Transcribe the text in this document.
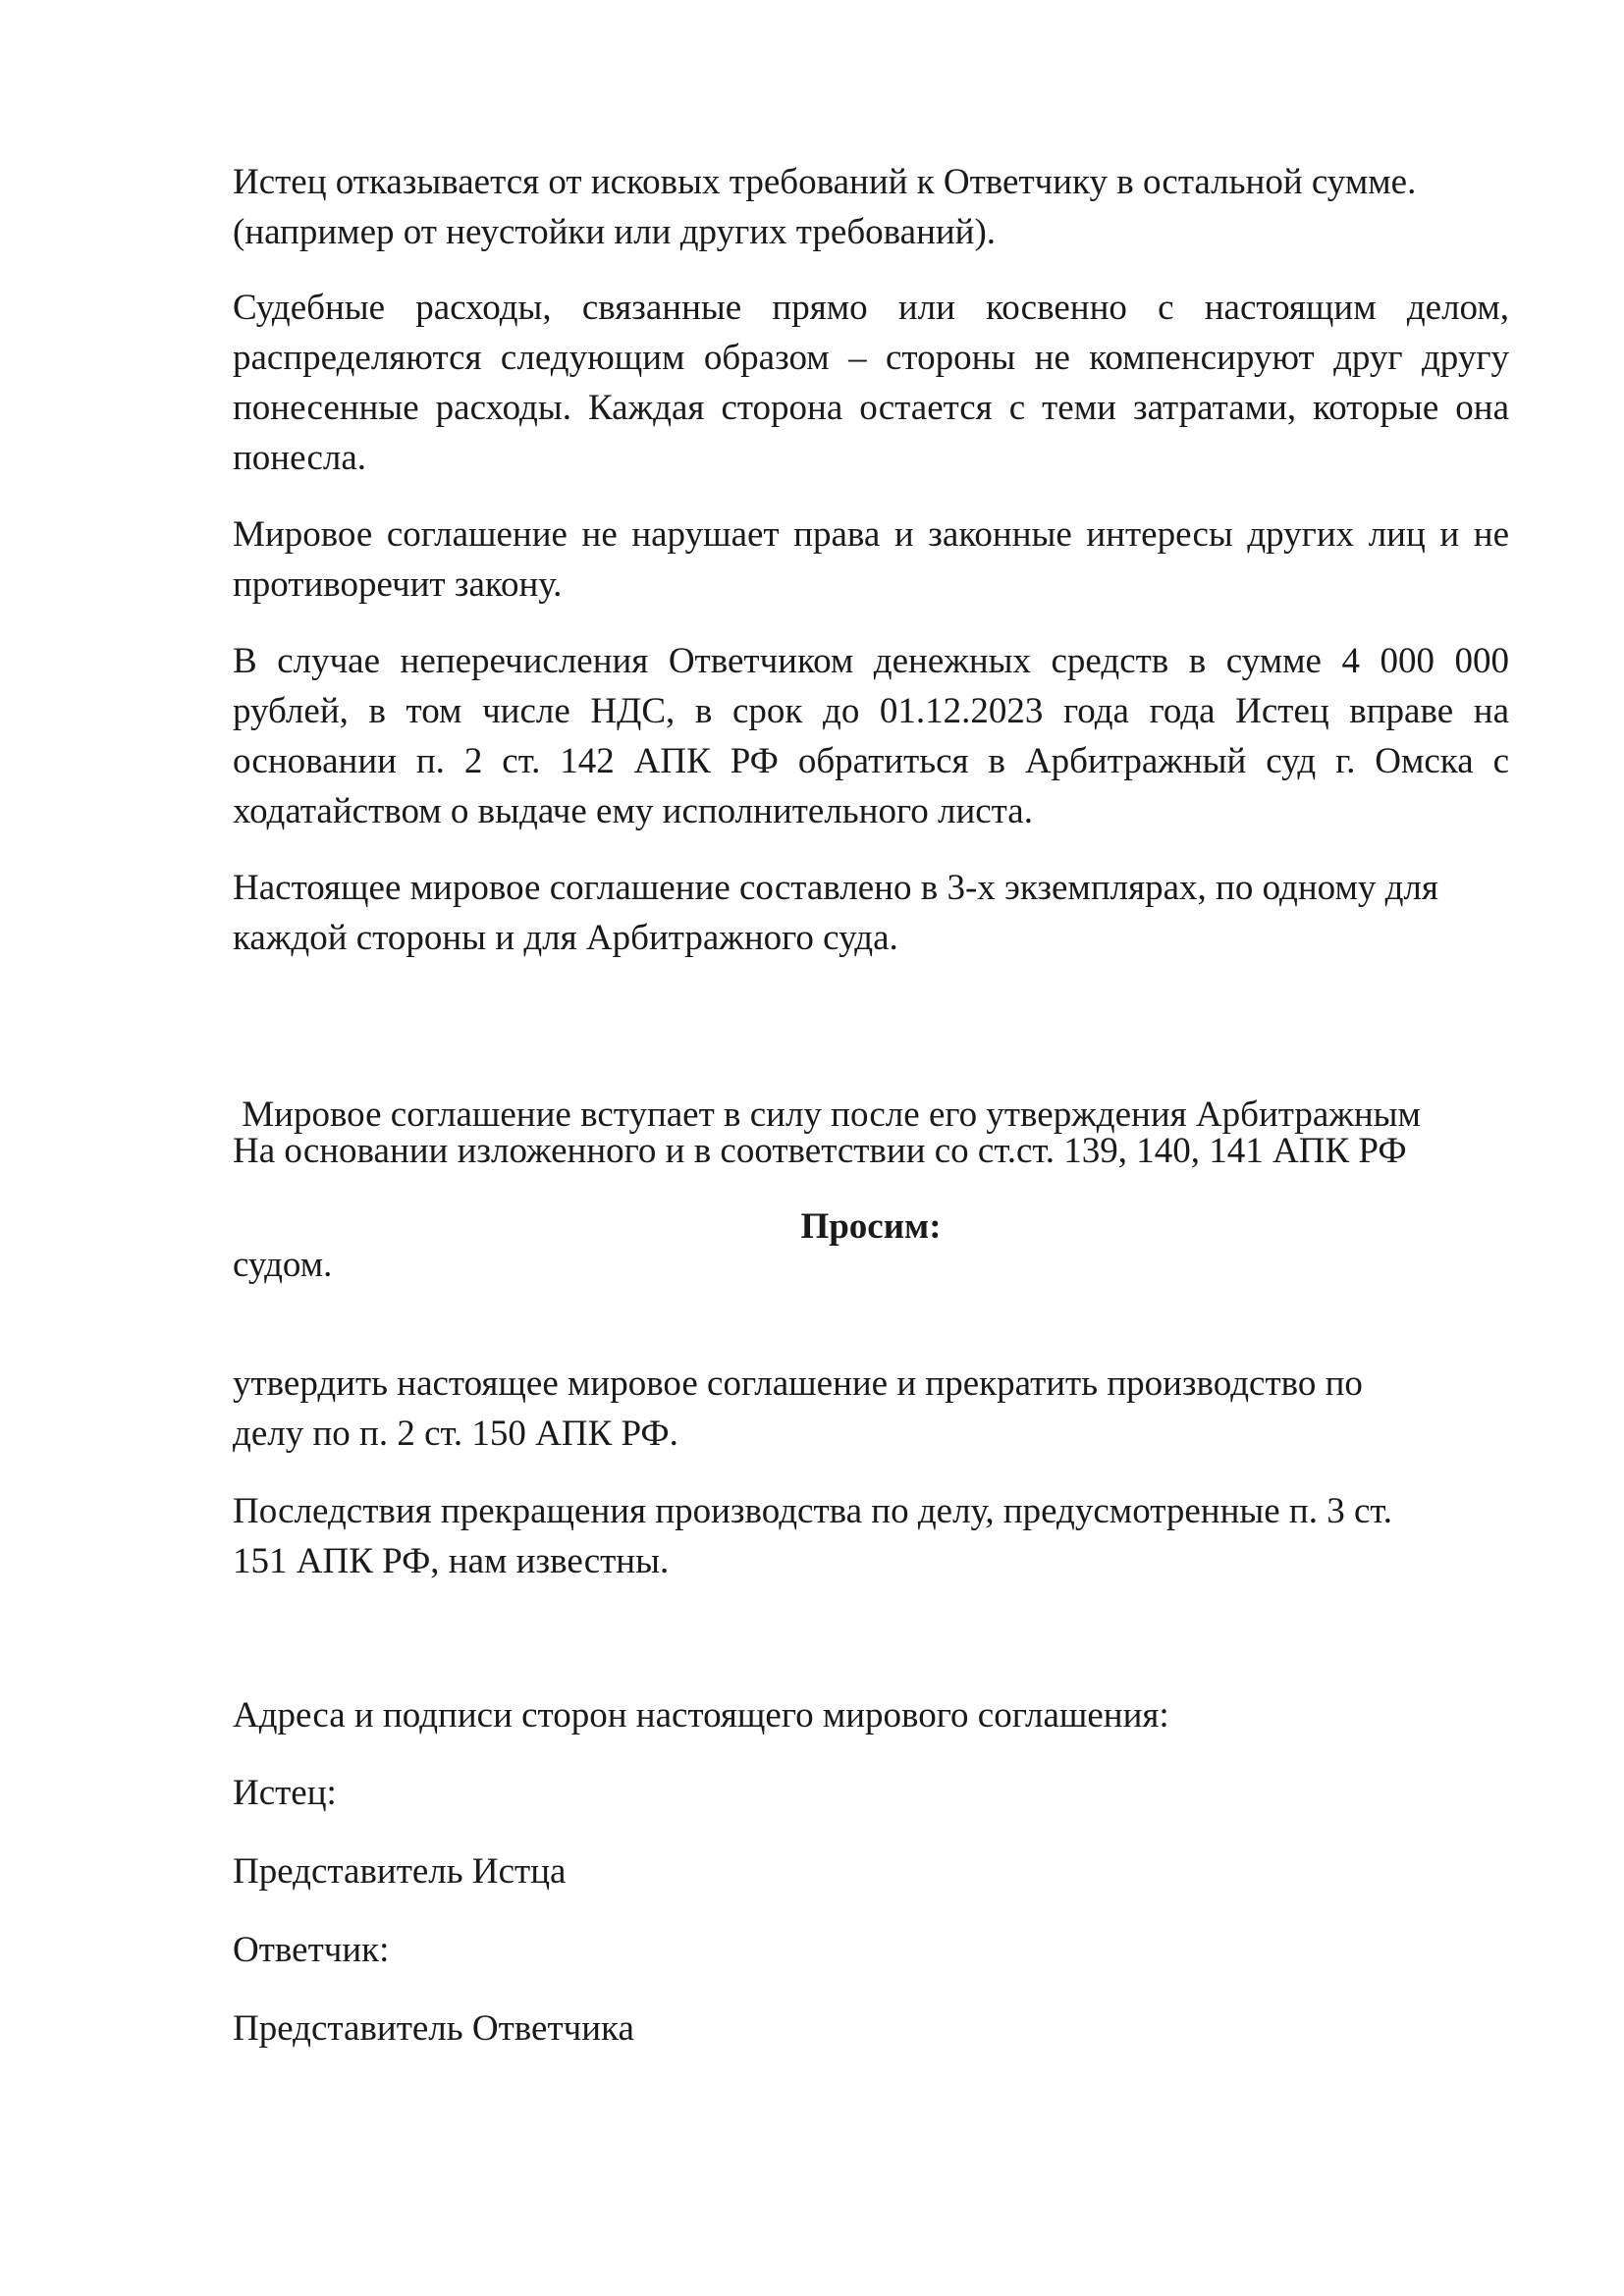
Истец отказывается от исковых требований к Ответчику в остальной сумме.
(например от неустойки или других требований).

Судебные расходы, связанные прямо или косвенно с настоящим делом, распределяются следующим образом – стороны не компенсируют друг другу понесенные расходы. Каждая сторона остается с теми затратами, которые она понесла.

Мировое соглашение не нарушает права и законные интересы других лиц и не противоречит закону.

В случае неперечисления Ответчиком денежных средств в сумме 4 000 000 рублей, в том числе НДС, в срок до 01.12.2023 года года Истец вправе на основании п. 2 ст. 142 АПК РФ обратиться в Арбитражный суд г. Омска с ходатайством о выдаче ему исполнительного листа.

Настоящее мировое соглашение составлено в 3-х экземплярах, по одному для
каждой стороны и для Арбитражного суда.

Мировое соглашение вступает в силу после его утверждения Арбитражным

судом.

На основании изложенного и в соответствии со ст.ст. 139, 140, 141 АПК РФ

Просим:

утвердить настоящее мировое соглашение и прекратить производство по
делу по п. 2 ст. 150 АПК РФ.

Последствия прекращения производства по делу, предусмотренные п. 3 ст.
151 АПК РФ, нам известны.

Адреса и подписи сторон настоящего мирового соглашения:

Истец:

Представитель Истца

Ответчик:

Представитель Ответчика
